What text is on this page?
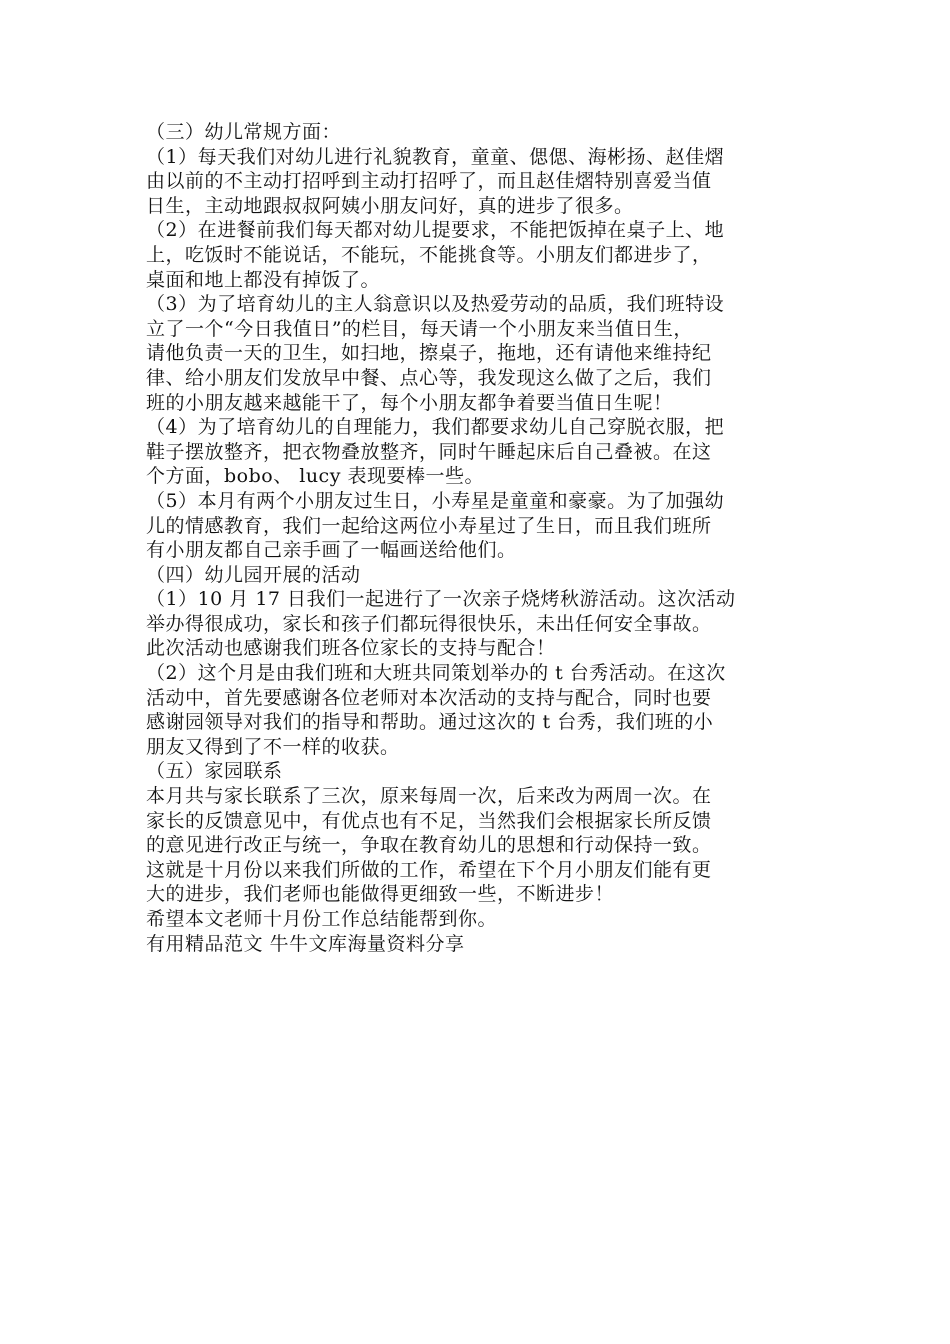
（三）幼儿常规方面：
（1）每天我们对幼儿进行礼貌教育，童童、偲偲、海彬扬、赵佳熠
由以前的不主动打招呼到主动打招呼了，而且赵佳熠特别喜爱当值
日生，主动地跟叔叔阿姨小朋友问好，真的进步了很多。
（2）在进餐前我们每天都对幼儿提要求，不能把饭掉在桌子上、地
上，吃饭时不能说话，不能玩，不能挑食等。小朋友们都进步了，
桌面和地上都没有掉饭了。
（3）为了培育幼儿的主人翁意识以及热爱劳动的品质，我们班特设
立了一个“今日我值日”的栏目，每天请一个小朋友来当值日生，
请他负责一天的卫生，如扫地，擦桌子，拖地，还有请他来维持纪
律、给小朋友们发放早中餐、点心等，我发现这么做了之后，我们
班的小朋友越来越能干了，每个小朋友都争着要当值日生呢！
（4）为了培育幼儿的自理能力，我们都要求幼儿自己穿脱衣服，把
鞋子摆放整齐，把衣物叠放整齐，同时午睡起床后自己叠被。在这
个方面，bobo、 lucy 表现要棒一些。
（5）本月有两个小朋友过生日，小寿星是童童和豪豪。为了加强幼
儿的情感教育，我们一起给这两位小寿星过了生日，而且我们班所
有小朋友都自己亲手画了一幅画送给他们。
（四）幼儿园开展的活动
（1）10 月 17 日我们一起进行了一次亲子烧烤秋游活动。这次活动
举办得很成功，家长和孩子们都玩得很快乐，未出任何安全事故。
此次活动也感谢我们班各位家长的支持与配合！
（2）这个月是由我们班和大班共同策划举办的 t 台秀活动。在这次
活动中，首先要感谢各位老师对本次活动的支持与配合，同时也要
感谢园领导对我们的指导和帮助。通过这次的 t 台秀，我们班的小
朋友又得到了不一样的收获。
（五）家园联系
本月共与家长联系了三次，原来每周一次，后来改为两周一次。在
家长的反馈意见中，有优点也有不足，当然我们会根据家长所反馈
的意见进行改正与统一，争取在教育幼儿的思想和行动保持一致。
这就是十月份以来我们所做的工作，希望在下个月小朋友们能有更
大的进步，我们老师也能做得更细致一些，不断进步！
希望本文老师十月份工作总结能帮到你。
有用精品范文 牛牛文库海量资料分享
